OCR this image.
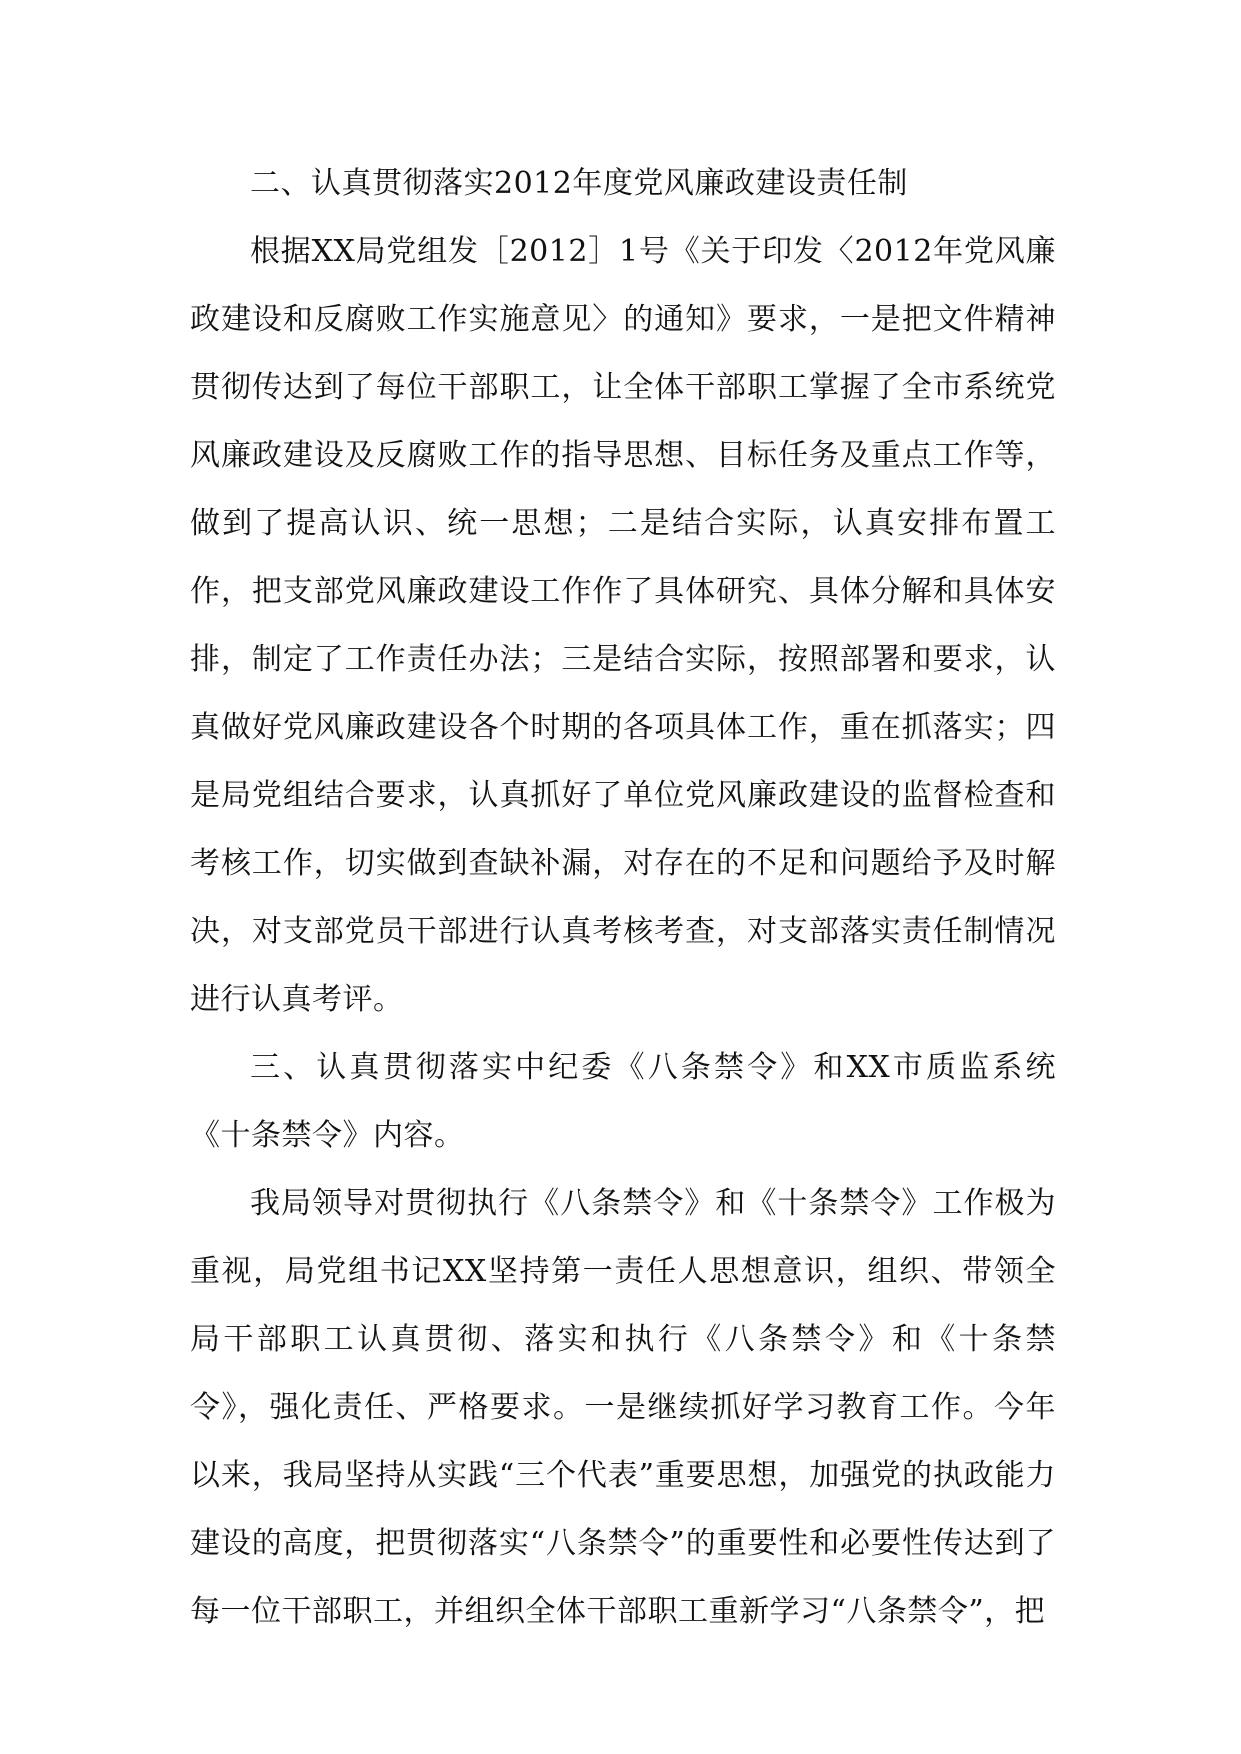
二、认真贯彻落实2012年度党风廉政建设责任制

根据XX局党组发［2012］1号《关于印发〈2012年党风廉政建设和反腐败工作实施意见〉的通知》要求，一是把文件精神贯彻传达到了每位干部职工，让全体干部职工掌握了全市系统党风廉政建设及反腐败工作的指导思想、目标任务及重点工作等，做到了提高认识、统一思想；二是结合实际，认真安排布置工作，把支部党风廉政建设工作作了具体研究、具体分解和具体安排，制定了工作责任办法；三是结合实际，按照部署和要求，认真做好党风廉政建设各个时期的各项具体工作，重在抓落实；四是局党组结合要求，认真抓好了单位党风廉政建设的监督检查和考核工作，切实做到查缺补漏，对存在的不足和问题给予及时解决，对支部党员干部进行认真考核考查，对支部落实责任制情况进行认真考评。

三、认真贯彻落实中纪委《八条禁令》和XX市质监系统《十条禁令》内容。

我局领导对贯彻执行《八条禁令》和《十条禁令》工作极为重视，局党组书记XX坚持第一责任人思想意识，组织、带领全局干部职工认真贯彻、落实和执行《八条禁令》和《十条禁令》，强化责任、严格要求。一是继续抓好学习教育工作。今年以来，我局坚持从实践“三个代表”重要思想，加强党的执政能力建设的高度，把贯彻落实“八条禁令”的重要性和必要性传达到了每一位干部职工，并组织全体干部职工重新学习“八条禁令”，把
